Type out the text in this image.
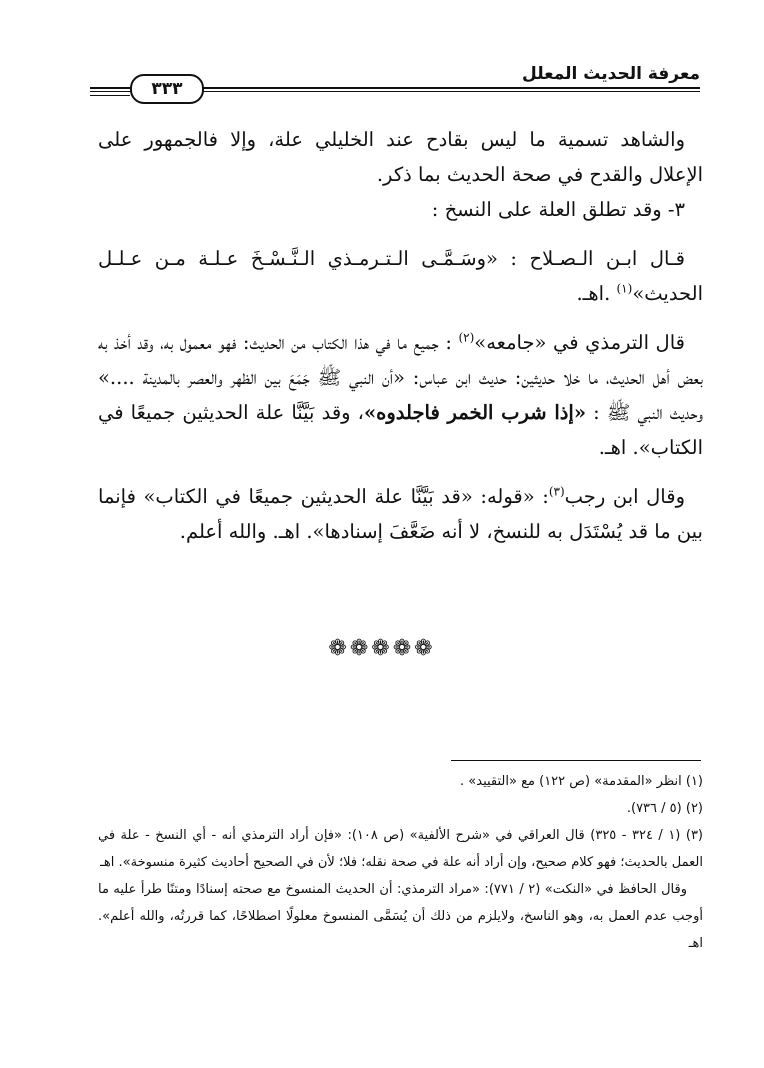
معرفة الحديث المعلل
٣٣٣

والشاهد تسمية ما ليس بقادح عند الخليلي علة، وإلا فالجمهور على الإعلال والقدح في صحة الحديث بما ذكر.

٣- وقد تطلق العلة على النسخ :

قـال ابـن الـصـلاح : «وسَـمَّـى الـتـرمـذي الـنَّـسْـخَ عـلـة مـن عـلـل الحديث»$^{(١)}$ .اهـ.

قال الترمذي في «جامعه»$^{(٢)}$ : جميع ما في هذا الكتاب من الحديث: فهو معمول به، وقد أخذ به بعض أهل الحديث، ما خلا حديثين: حديث ابن عباس: «أن النبي ﷺ جَمَعَ بين الظهر والعصر بالمدينة ....» وحديث النبي ﷺ : «إذا شرب الخمر فاجلدوه»، وقد بَيَّنَّا علة الحديثين جميعًا في الكتاب». اهـ.

وقال ابن رجب$^{(٣)}$: «قوله: «قد بَيَّنَّا علة الحديثين جميعًا في الكتاب» فإنما بين ما قد يُسْتَدَل به للنسخ، لا أنه ضَعَّفَ إسنادها». اهـ. والله أعلم.

❁❁❁❁❁

(١) انظر «المقدمة» (ص ١٢٢) مع «التقييد» .

(٢) (٥ / ٧٣٦).

(٣) (١ / ٣٢٤ - ٣٢٥) قال العراقي في «شرح الألفية» (ص ١٠٨): «فإن أراد الترمذي أنه - أي النسخ - علة في العمل بالحديث؛ فهو كلام صحيح، وإن أراد أنه علة في صحة نقله؛ فلا؛ لأن في الصحيح أحاديث كثيرة منسوخة». اهـ

وقال الحافظ في «النكت» (٢ / ٧٧١): «مراد الترمذي: أن الحديث المنسوخ مع صحته إسنادًا ومتنًا طرأ عليه ما أوجب عدم العمل به، وهو الناسخ، ولايلزم من ذلك أن يُسَمَّى المنسوخ معلولًا اصطلاحًا، كما قررتُه، والله أعلم». اهـ
